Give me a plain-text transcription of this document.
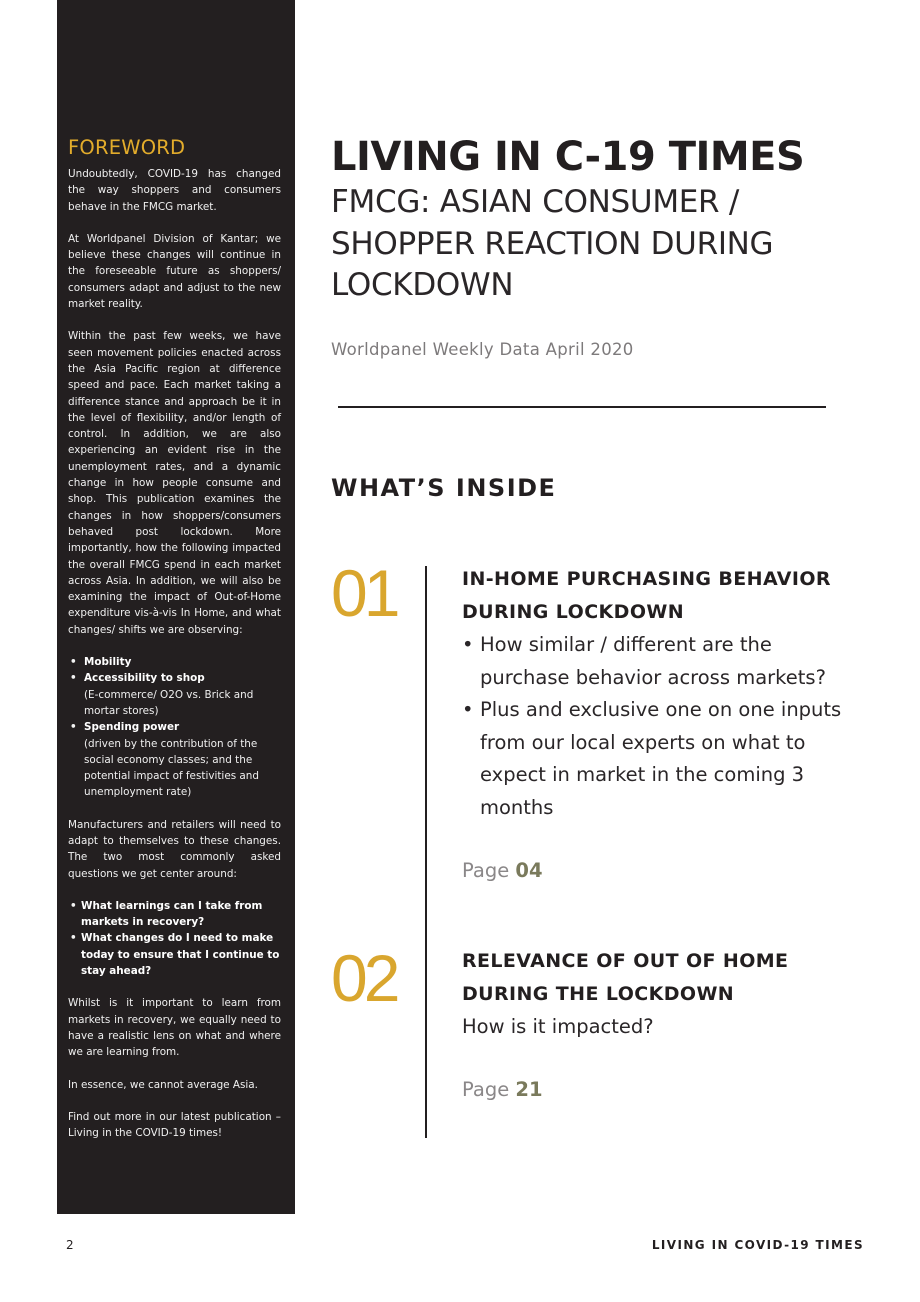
FOREWORD

Undoubtedly, COVID-19 has changed the way shoppers and consumers behave in the FMCG market.

At Worldpanel Division of Kantar; we believe these changes will continue in the foreseeable future as shoppers/ consumers adapt and adjust to the new market reality.

Within the past few weeks, we have seen movement policies enacted across the Asia Pacific region at difference speed and pace. Each market taking a difference stance and approach be it in the level of flexibility, and/or length of control. In addition, we are also experiencing an evident rise in the unemployment rates, and a dynamic change in how people consume and shop. This publication examines the changes in how shoppers/consumers behaved post lockdown. More importantly, how the following impacted the overall FMCG spend in each market across Asia. In addition, we will also be examining the impact of Out-of-Home expenditure vis-à-vis In Home, and what changes/ shifts we are observing:

• Mobility
• Accessibility to shop
(E-commerce/ O2O vs. Brick and mortar stores)
• Spending power
(driven by the contribution of the social economy classes; and the potential impact of festivities and unemployment rate)

Manufacturers and retailers will need to adapt to themselves to these changes. The two most commonly asked questions we get center around:

• What learnings can I take from markets in recovery?
• What changes do I need to make today to ensure that I continue to stay ahead?

Whilst is it important to learn from markets in recovery, we equally need to have a realistic lens on what and where we are learning from.

In essence, we cannot average Asia.

Find out more in our latest publication – Living in the COVID-19 times!

LIVING IN C-19 TIMES
FMCG: ASIAN CONSUMER /
SHOPPER REACTION DURING
LOCKDOWN
Worldpanel Weekly Data April 2020
WHAT’S INSIDE
01	IN-HOME PURCHASING BEHAVIOR
DURING LOCKDOWN
• How similar / different are the purchase behavior across markets?
• Plus and exclusive one on one inputs from our local experts on what to expect in market in the coming 3 months
Page 04
02	RELEVANCE OF OUT OF HOME
DURING THE LOCKDOWN
How is it impacted?
Page 21
2	LIVING IN COVID-19 TIMES
